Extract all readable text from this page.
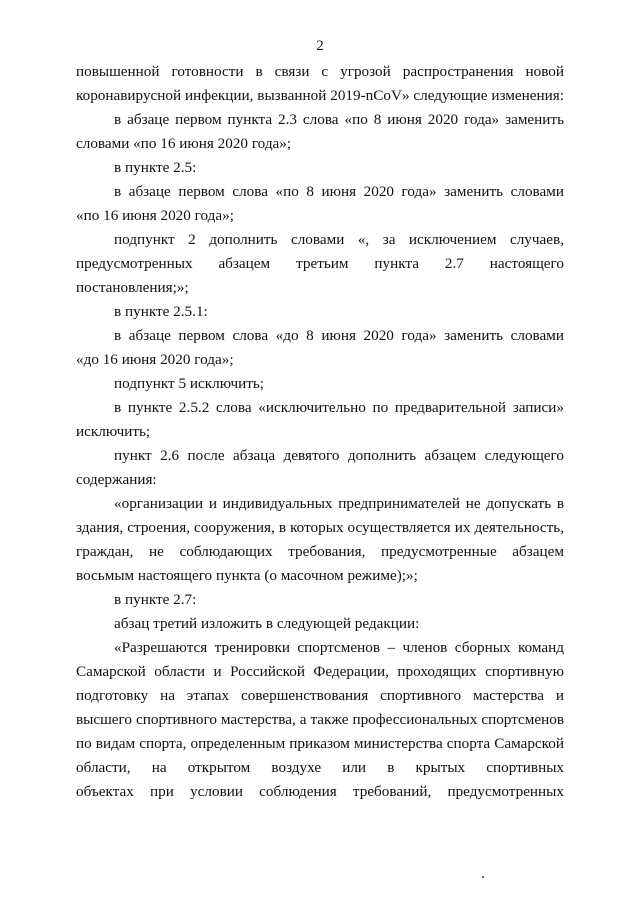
2
повышенной готовности в связи с угрозой распространения новой
коронавирусной инфекции, вызванной 2019-nCoV» следующие изменения:
в абзаце первом пункта 2.3 слова «по 8 июня 2020 года» заменить
словами «по 16 июня 2020 года»;
в пункте 2.5:
в абзаце первом слова «по 8 июня 2020 года» заменить словами
«по 16 июня 2020 года»;
подпункт 2 дополнить словами «, за исключением случаев,
предусмотренных абзацем третьим пункта 2.7 настоящего
постановления;»;
в пункте 2.5.1:
в абзаце первом слова «до 8 июня 2020 года» заменить словами
«до 16 июня 2020 года»;
подпункт 5 исключить;
в пункте 2.5.2 слова «исключительно по предварительной записи»
исключить;
пункт 2.6 после абзаца девятого дополнить абзацем следующего
содержания:
«организации и индивидуальных предпринимателей не допускать в
здания, строения, сооружения, в которых осуществляется их деятельность,
граждан, не соблюдающих требования, предусмотренные абзацем
восьмым настоящего пункта (о масочном режиме);»;
в пункте 2.7:
абзац третий изложить в следующей редакции:
«Разрешаются тренировки спортсменов – членов сборных команд
Самарской области и Российской Федерации, проходящих спортивную
подготовку на этапах совершенствования спортивного мастерства и
высшего спортивного мастерства, а также профессиональных спортсменов
по видам спорта, определенным приказом министерства спорта Самарской
области, на открытом воздухе или в крытых спортивных
объектах при условии соблюдения требований, предусмотренных
